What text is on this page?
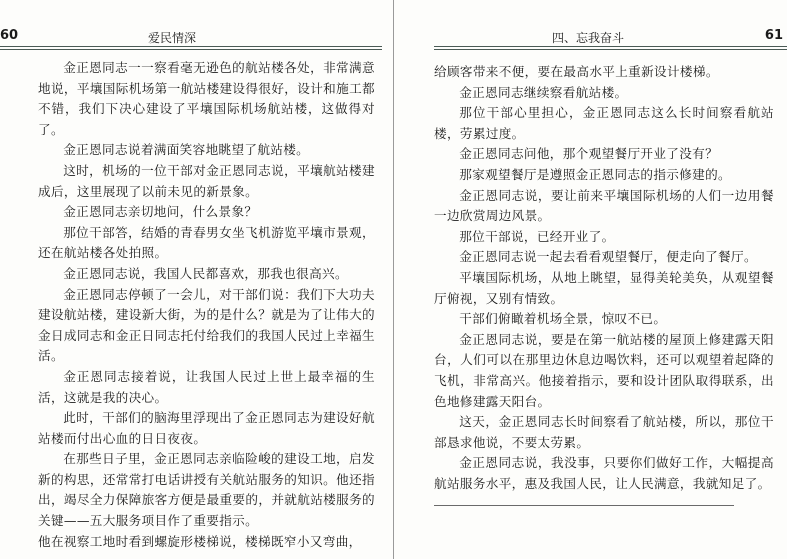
60	爱民情深

金正恩同志一一察看毫无逊色的航站楼各处，非常满意地说，平壤国际机场第一航站楼建设得很好，设计和施工都不错，我们下决心建设了平壤国际机场航站楼，这做得对了。

金正恩同志说着满面笑容地眺望了航站楼。

这时，机场的一位干部对金正恩同志说，平壤航站楼建成后，这里展现了以前未见的新景象。

金正恩同志亲切地问，什么景象？

那位干部答，结婚的青春男女坐飞机游览平壤市景观，还在航站楼各处拍照。

金正恩同志说，我国人民都喜欢，那我也很高兴。

金正恩同志停顿了一会儿，对干部们说：我们下大功夫建设航站楼，建设新大街，为的是什么？就是为了让伟大的金日成同志和金正日同志托付给我们的我国人民过上幸福生活。

金正恩同志接着说，让我国人民过上世上最幸福的生活，这就是我的决心。

此时，干部们的脑海里浮现出了金正恩同志为建设好航站楼而付出心血的日日夜夜。

在那些日子里，金正恩同志亲临险峻的建设工地，启发新的构思，还常常打电话讲授有关航站服务的知识。他还指出，竭尽全力保障旅客方便是最重要的，并就航站楼服务的关键——五大服务项目作了重要指示。

他在视察工地时看到螺旋形楼梯说，楼梯既窄小又弯曲，

四、忘我奋斗	61

给顾客带来不便，要在最高水平上重新设计楼梯。

金正恩同志继续察看航站楼。

那位干部心里担心，金正恩同志这么长时间察看航站楼，劳累过度。

金正恩同志问他，那个观望餐厅开业了没有？

那家观望餐厅是遵照金正恩同志的指示修建的。

金正恩同志说，要让前来平壤国际机场的人们一边用餐一边欣赏周边风景。

那位干部说，已经开业了。

金正恩同志说一起去看看观望餐厅，便走向了餐厅。

平壤国际机场，从地上眺望，显得美轮美奂，从观望餐厅俯视，又别有情致。

干部们俯瞰着机场全景，惊叹不已。

金正恩同志说，要是在第一航站楼的屋顶上修建露天阳台，人们可以在那里边休息边喝饮料，还可以观望着起降的飞机，非常高兴。他接着指示，要和设计团队取得联系，出色地修建露天阳台。

这天，金正恩同志长时间察看了航站楼，所以，那位干部恳求他说，不要太劳累。

金正恩同志说，我没事，只要你们做好工作，大幅提高航站服务水平，惠及我国人民，让人民满意，我就知足了。
